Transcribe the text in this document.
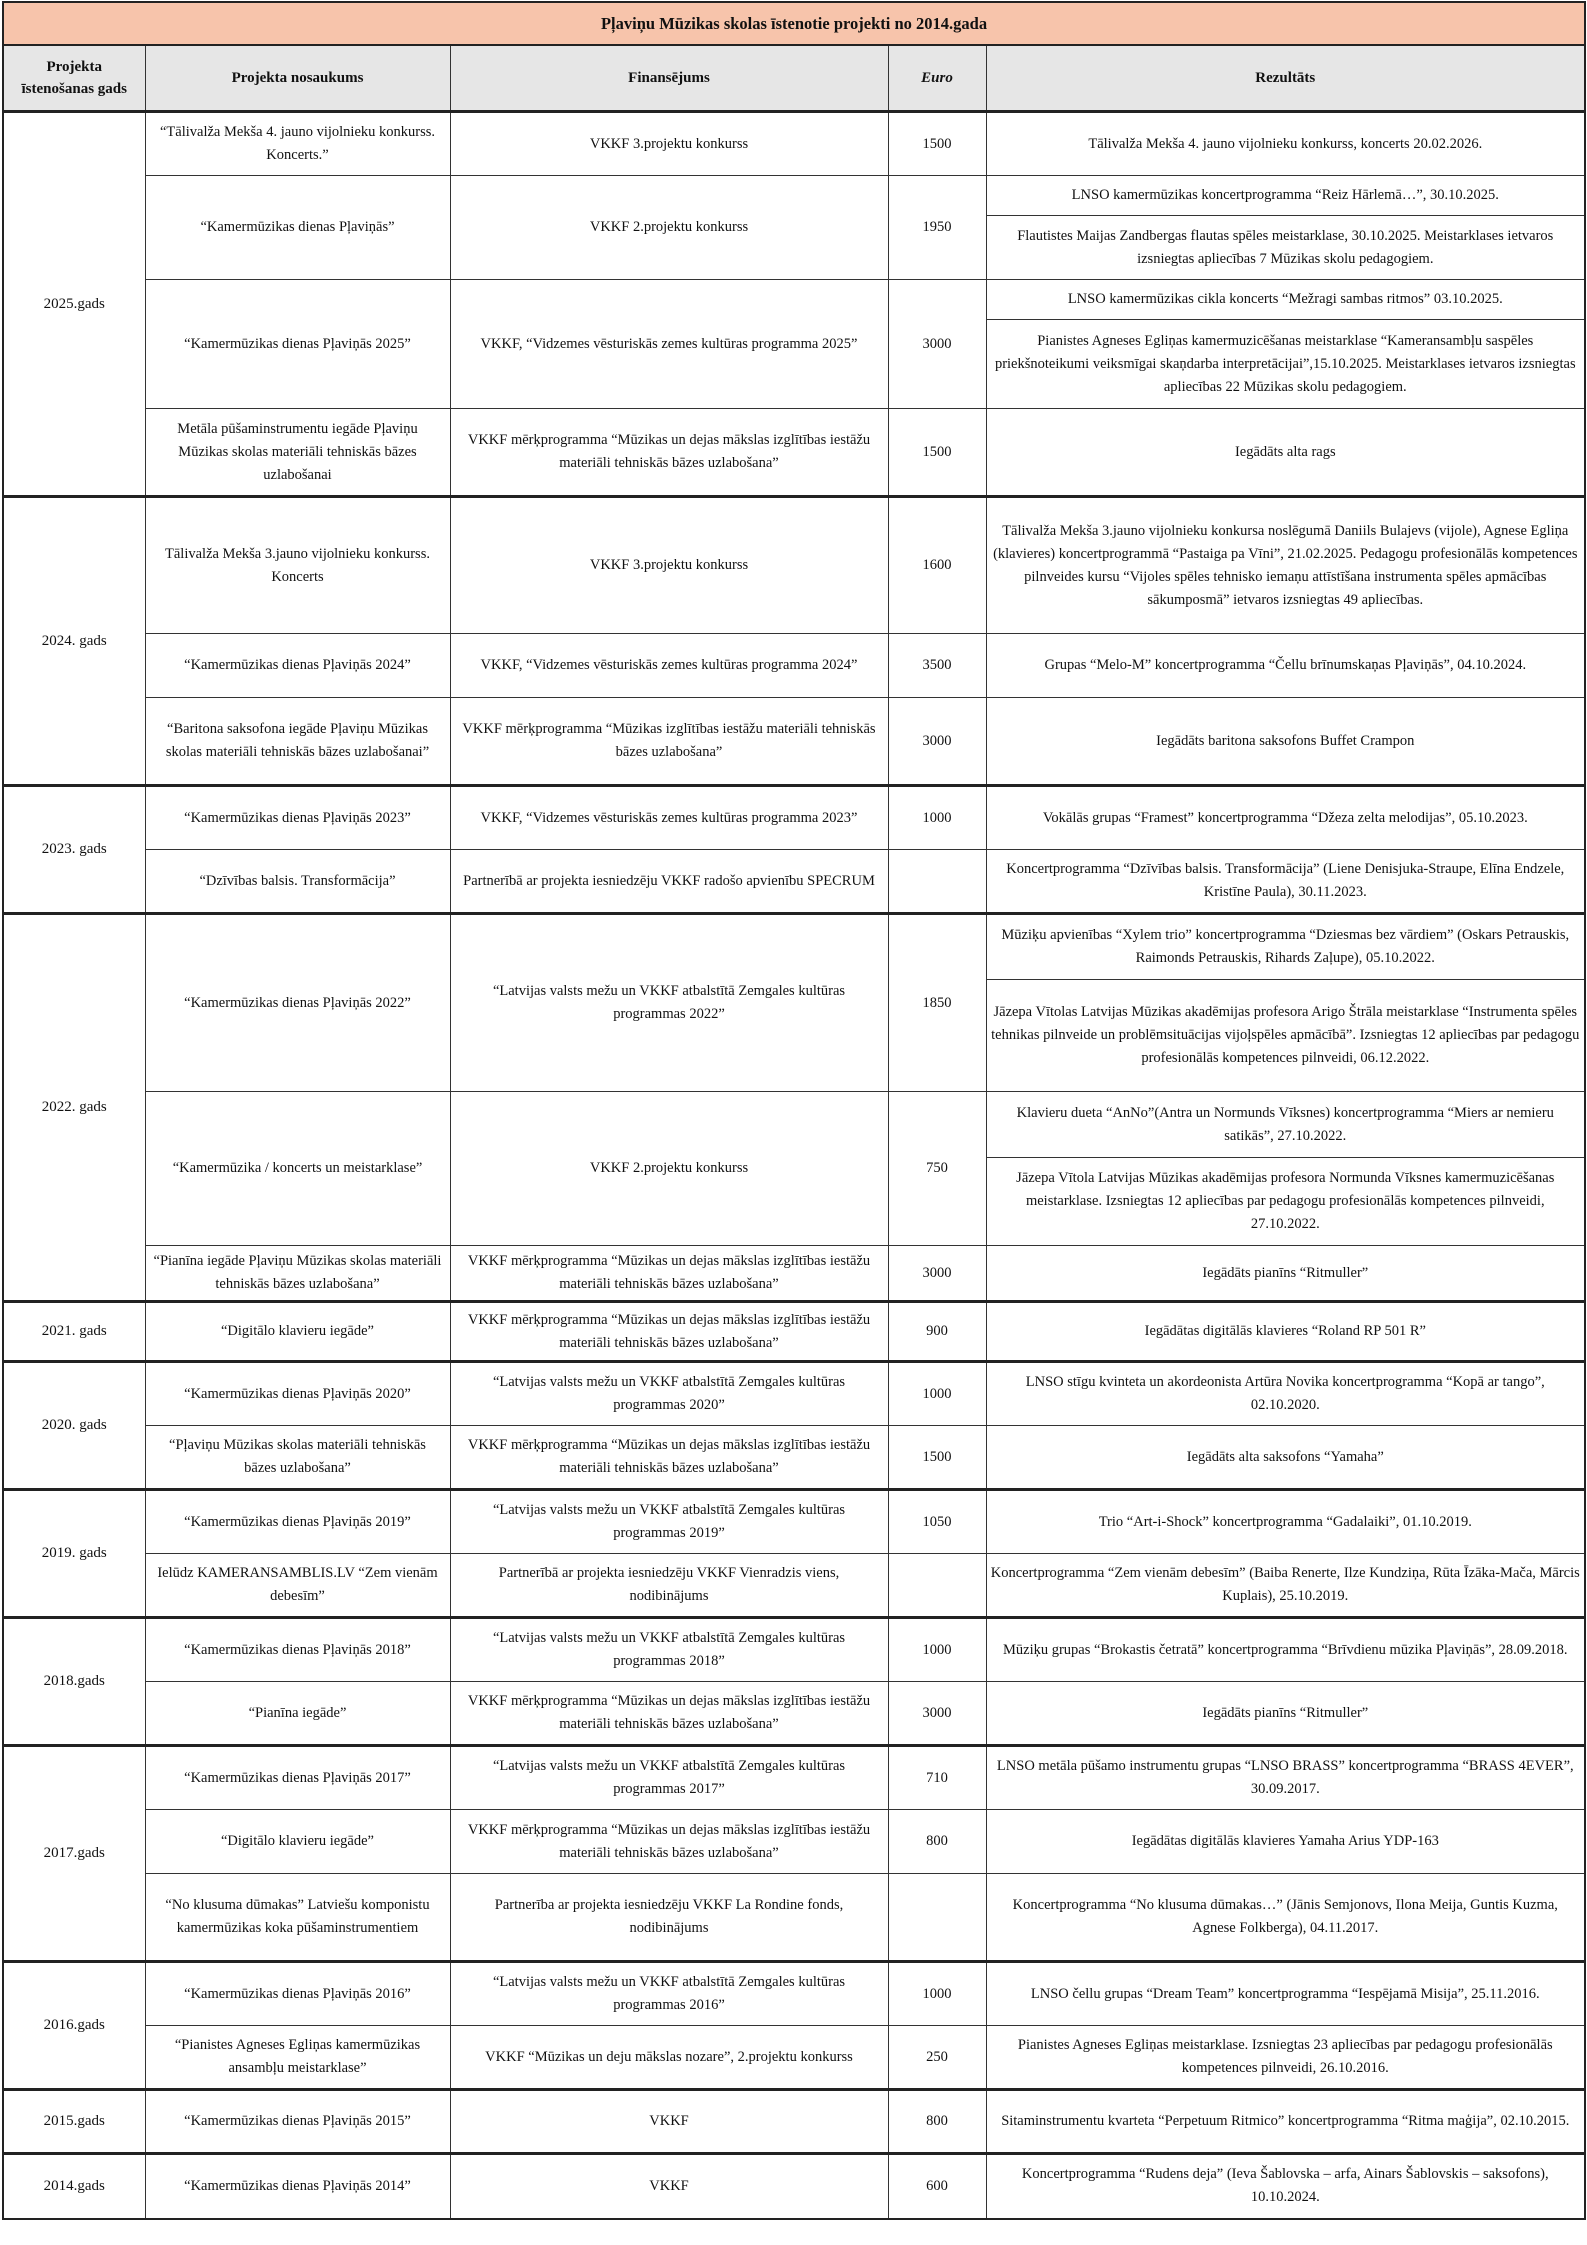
Pļaviņu Mūzikas skolas īstenotie projekti no 2014.gada				
Projekta īstenošanas gads	Projekta nosaukums	Finansējums	Euro	Rezultāts
2025.gads	“Tālivalža Mekša 4. jauno vijolnieku konkurss. Koncerts.”	VKKF 3.projektu konkurss	1500	Tālivalža Mekša 4. jauno vijolnieku konkurss, koncerts 20.02.2026.
	“Kamermūzikas dienas Pļaviņās”	VKKF 2.projektu konkurss	1950	LNSO kamermūzikas koncertprogramma “Reiz Hārlemā…”, 30.10.2025.
				Flautistes Maijas Zandbergas flautas spēles meistarklase, 30.10.2025. Meistarklases ietvaros izsniegtas apliecības 7 Mūzikas skolu pedagogiem.
	“Kamermūzikas dienas Pļaviņās 2025”	VKKF, “Vidzemes vēsturiskās zemes kultūras programma 2025”	3000	LNSO kamermūzikas cikla koncerts “Mežragi sambas ritmos” 03.10.2025.
				Pianistes Agneses Egliņas kamermuzicēšanas meistarklase “Kameransambļu saspēles priekšnoteikumi veiksmīgai skaņdarba interpretācijai”,15.10.2025. Meistarklases ietvaros izsniegtas apliecības 22 Mūzikas skolu pedagogiem.
	Metāla pūšaminstrumentu iegāde Pļaviņu Mūzikas skolas materiāli tehniskās bāzes uzlabošanai	VKKF mērķprogramma “Mūzikas un dejas mākslas izglītības iestāžu materiāli tehniskās bāzes uzlabošana”	1500	Iegādāts alta rags
2024. gads	Tālivalža Mekša 3.jauno vijolnieku konkurss. Koncerts	VKKF 3.projektu konkurss	1600	Tālivalža Mekša 3.jauno vijolnieku konkursa noslēgumā Daniils Bulajevs (vijole), Agnese Egliņa (klavieres) koncertprogrammā “Pastaiga pa Vīni”, 21.02.2025. Pedagogu profesionālās kompetences pilnveides kursu “Vijoles spēles tehnisko iemaņu attīstīšana instrumenta spēles apmācības sākumposmā” ietvaros izsniegtas 49 apliecības.
	“Kamermūzikas dienas Pļaviņās 2024”	VKKF, “Vidzemes vēsturiskās zemes kultūras programma 2024”	3500	Grupas “Melo-M” koncertprogramma “Čellu brīnumskaņas Pļaviņās”, 04.10.2024.
	“Baritona saksofona iegāde Pļaviņu Mūzikas skolas materiāli tehniskās bāzes uzlabošanai”	VKKF mērķprogramma “Mūzikas izglītības iestāžu materiāli tehniskās bāzes uzlabošana”	3000	Iegādāts baritona saksofons Buffet Crampon
2023. gads	“Kamermūzikas dienas Pļaviņās 2023”	VKKF, “Vidzemes vēsturiskās zemes kultūras programma 2023”	1000	Vokālās grupas “Framest” koncertprogramma “Džeza zelta melodijas”, 05.10.2023.
	“Dzīvības balsis. Transformācija”	Partnerībā ar projekta iesniedzēju VKKF radošo apvienību SPECRUM		Koncertprogramma “Dzīvības balsis. Transformācija” (Liene Denisjuka-Straupe, Elīna Endzele, Kristīne Paula), 30.11.2023.
2022. gads	“Kamermūzikas dienas Pļaviņās 2022”	“Latvijas valsts mežu un VKKF atbalstītā Zemgales kultūras programmas 2022”	1850	Mūziķu apvienības “Xylem trio” koncertprogramma “Dziesmas bez vārdiem” (Oskars Petrauskis, Raimonds Petrauskis, Rihards Zaļupe), 05.10.2022.
				Jāzepa Vītolas Latvijas Mūzikas akadēmijas profesora Arigo Štrāla meistarklase “Instrumenta spēles tehnikas pilnveide un problēmsituācijas vijoļspēles apmācībā”. Izsniegtas 12 apliecības par pedagogu profesionālās kompetences pilnveidi, 06.12.2022.
	“Kamermūzika / koncerts un meistarklase”	VKKF 2.projektu konkurss	750	Klavieru dueta “AnNo”(Antra un Normunds Vīksnes) koncertprogramma “Miers ar nemieru satikās”, 27.10.2022.
				Jāzepa Vītola Latvijas Mūzikas akadēmijas profesora Normunda Vīksnes kamermuzicēšanas meistarklase. Izsniegtas 12 apliecības par pedagogu profesionālās kompetences pilnveidi, 27.10.2022.
	“Pianīna iegāde Pļaviņu Mūzikas skolas materiāli tehniskās bāzes uzlabošana”	VKKF mērķprogramma “Mūzikas un dejas mākslas izglītības iestāžu materiāli tehniskās bāzes uzlabošana”	3000	Iegādāts pianīns “Ritmuller”
2021. gads	“Digitālo klavieru iegāde”	VKKF mērķprogramma “Mūzikas un dejas mākslas izglītības iestāžu materiāli tehniskās bāzes uzlabošana”	900	Iegādātas digitālās klavieres “Roland RP 501 R”
2020. gads	“Kamermūzikas dienas Pļaviņās 2020”	“Latvijas valsts mežu un VKKF atbalstītā Zemgales kultūras programmas 2020”	1000	LNSO stīgu kvinteta un akordeonista Artūra Novika koncertprogramma “Kopā ar tango”, 02.10.2020.
	“Pļaviņu Mūzikas skolas materiāli tehniskās bāzes uzlabošana”	VKKF mērķprogramma “Mūzikas un dejas mākslas izglītības iestāžu materiāli tehniskās bāzes uzlabošana”	1500	Iegādāts alta saksofons “Yamaha”
2019. gads	“Kamermūzikas dienas Pļaviņās 2019”	“Latvijas valsts mežu un VKKF atbalstītā Zemgales kultūras programmas 2019”	1050	Trio “Art-i-Shock” koncertprogramma “Gadalaiki”, 01.10.2019.
	Ielūdz KAMERANSAMBLIS.LV “Zem vienām debesīm”	Partnerībā ar projekta iesniedzēju VKKF Vienradzis viens, nodibinājums		Koncertprogramma “Zem vienām debesīm” (Baiba Renerte, Ilze Kundziņa, Rūta Īzāka-Mača, Mārcis Kuplais), 25.10.2019.
2018.gads	“Kamermūzikas dienas Pļaviņās 2018”	“Latvijas valsts mežu un VKKF atbalstītā Zemgales kultūras programmas 2018”	1000	Mūziķu grupas “Brokastis četratā” koncertprogramma “Brīvdienu mūzika Pļaviņās”, 28.09.2018.
	“Pianīna iegāde”	VKKF mērķprogramma “Mūzikas un dejas mākslas izglītības iestāžu materiāli tehniskās bāzes uzlabošana”	3000	Iegādāts pianīns “Ritmuller”
2017.gads	“Kamermūzikas dienas Pļaviņās 2017”	“Latvijas valsts mežu un VKKF atbalstītā Zemgales kultūras programmas 2017”	710	LNSO metāla pūšamo instrumentu grupas “LNSO BRASS” koncertprogramma “BRASS 4EVER”, 30.09.2017.
	“Digitālo klavieru iegāde”	VKKF mērķprogramma “Mūzikas un dejas mākslas izglītības iestāžu materiāli tehniskās bāzes uzlabošana”	800	Iegādātas digitālās klavieres Yamaha Arius YDP-163
	“No klusuma dūmakas” Latviešu komponistu kamermūzikas koka pūšaminstrumentiem	Partnerība ar projekta iesniedzēju VKKF La Rondine fonds, nodibinājums		Koncertprogramma “No klusuma dūmakas…” (Jānis Semjonovs, Ilona Meija, Guntis Kuzma, Agnese Folkberga), 04.11.2017.
2016.gads	“Kamermūzikas dienas Pļaviņās 2016”	“Latvijas valsts mežu un VKKF atbalstītā Zemgales kultūras programmas 2016”	1000	LNSO čellu grupas “Dream Team” koncertprogramma “Iespējamā Misija”, 25.11.2016.
	“Pianistes Agneses Egliņas kamermūzikas ansambļu meistarklase”	VKKF “Mūzikas un deju mākslas nozare”, 2.projektu konkurss	250	Pianistes Agneses Egliņas meistarklase. Izsniegtas 23 apliecības par pedagogu profesionālās kompetences pilnveidi, 26.10.2016.
2015.gads	“Kamermūzikas dienas Pļaviņās 2015”	VKKF	800	Sitaminstrumentu kvarteta “Perpetuum Ritmico” koncertprogramma “Ritma maģija”, 02.10.2015.
2014.gads	“Kamermūzikas dienas Pļaviņās 2014”	VKKF	600	Koncertprogramma “Rudens deja” (Ieva Šablovska – arfa, Ainars Šablovskis – saksofons), 10.10.2024.
